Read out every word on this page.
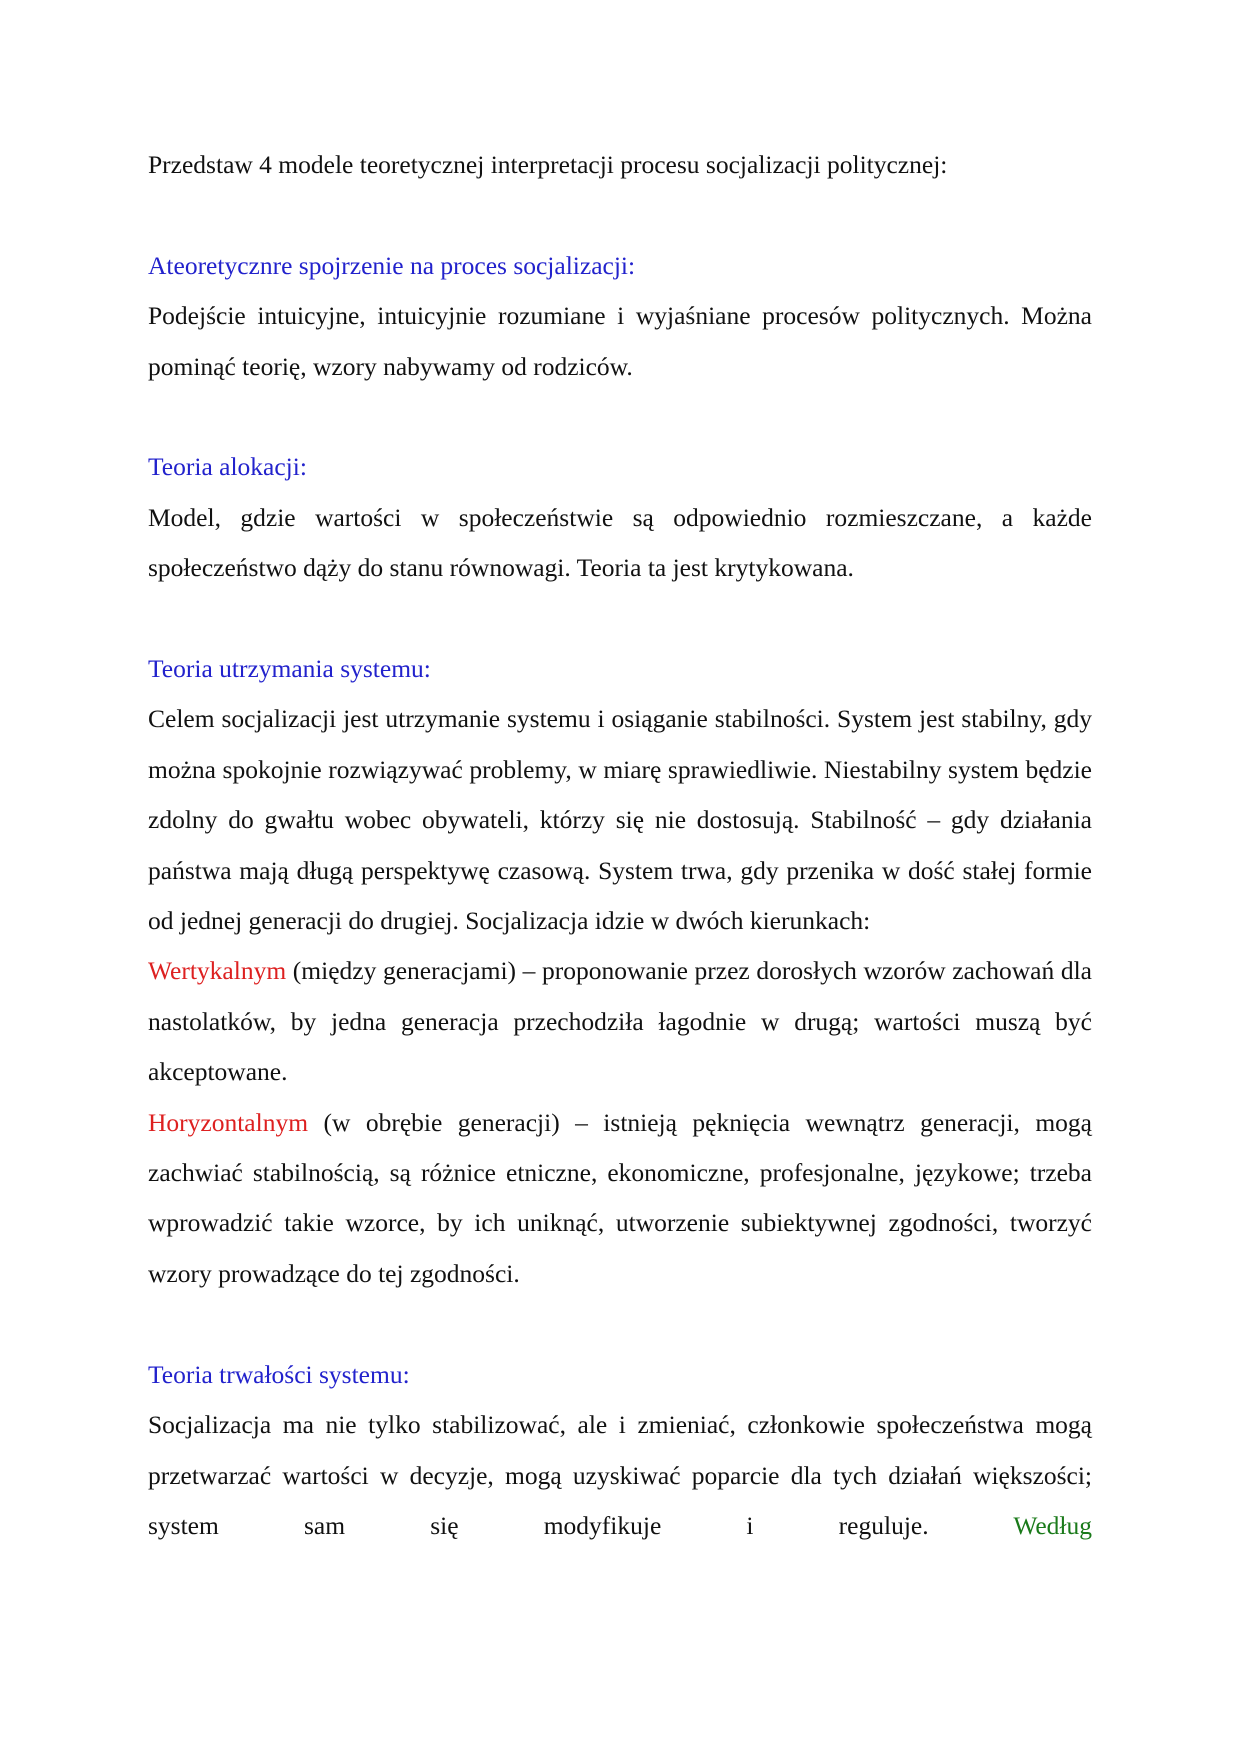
Przedstaw 4 modele teoretycznej interpretacji procesu socjalizacji politycznej:

Ateoretycznre spojrzenie na proces socjalizacji:

Podejście intuicyjne, intuicyjnie rozumiane i wyjaśniane procesów politycznych. Można pominąć teorię, wzory nabywamy od rodziców.

Teoria alokacji:

Model, gdzie wartości w społeczeństwie są odpowiednio rozmieszczane, a każde społeczeństwo dąży do stanu równowagi. Teoria ta jest krytykowana.

Teoria utrzymania systemu:

Celem socjalizacji jest utrzymanie systemu i osiąganie stabilności. System jest stabilny, gdy można spokojnie rozwiązywać problemy, w miarę sprawiedliwie. Niestabilny system będzie zdolny do gwałtu wobec obywateli, którzy się nie dostosują. Stabilność – gdy działania państwa mają długą perspektywę czasową. System trwa, gdy przenika w dość stałej formie od jednej generacji do drugiej. Socjalizacja idzie w dwóch kierunkach:

Wertykalnym (między generacjami) – proponowanie przez dorosłych wzorów zachowań dla nastolatków, by jedna generacja przechodziła łagodnie w drugą; wartości muszą być akceptowane.

Horyzontalnym (w obrębie generacji) – istnieją pęknięcia wewnątrz generacji, mogą zachwiać stabilnością, są różnice etniczne, ekonomiczne, profesjonalne, językowe; trzeba wprowadzić takie wzorce, by ich uniknąć, utworzenie subiektywnej zgodności, tworzyć wzory prowadzące do tej zgodności.

Teoria trwałości systemu:

Socjalizacja ma nie tylko stabilizować, ale i zmieniać, członkowie społeczeństwa mogą przetwarzać wartości w decyzje, mogą uzyskiwać poparcie dla tych działań większości; system sam się modyfikuje i reguluje. Według
